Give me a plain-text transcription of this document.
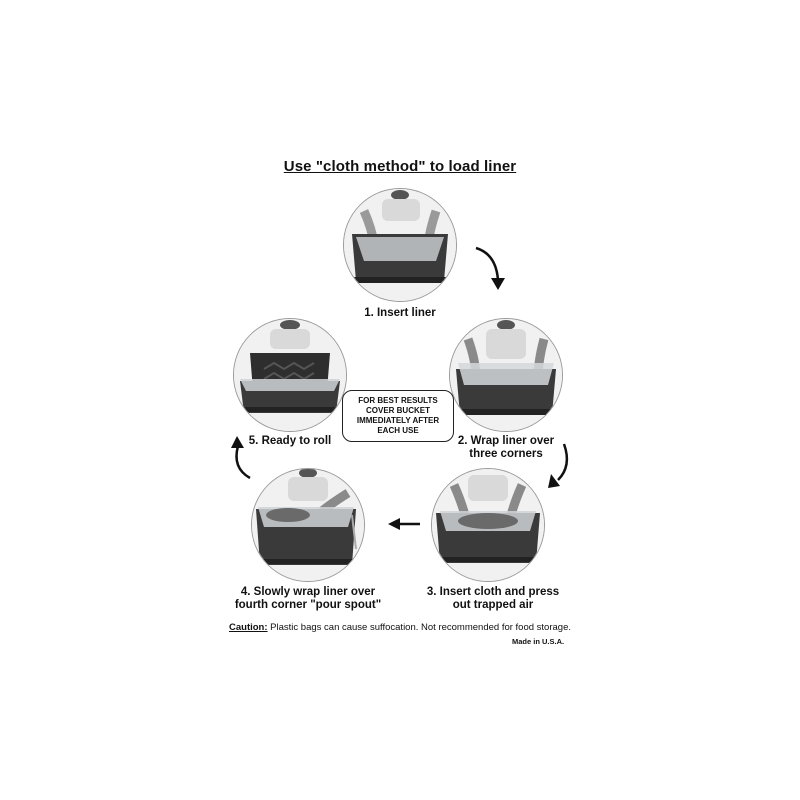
Use "cloth method" to load liner
1. Insert liner
2. Wrap liner over
three corners
3. Insert cloth and press
out trapped air
4. Slowly wrap liner over
fourth corner "pour spout"
5. Ready to roll
FOR BEST RESULTS
COVER BUCKET
IMMEDIATELY AFTER
EACH USE
Caution: Plastic bags can cause suffocation. Not recommended for food storage.
Made in U.S.A.
